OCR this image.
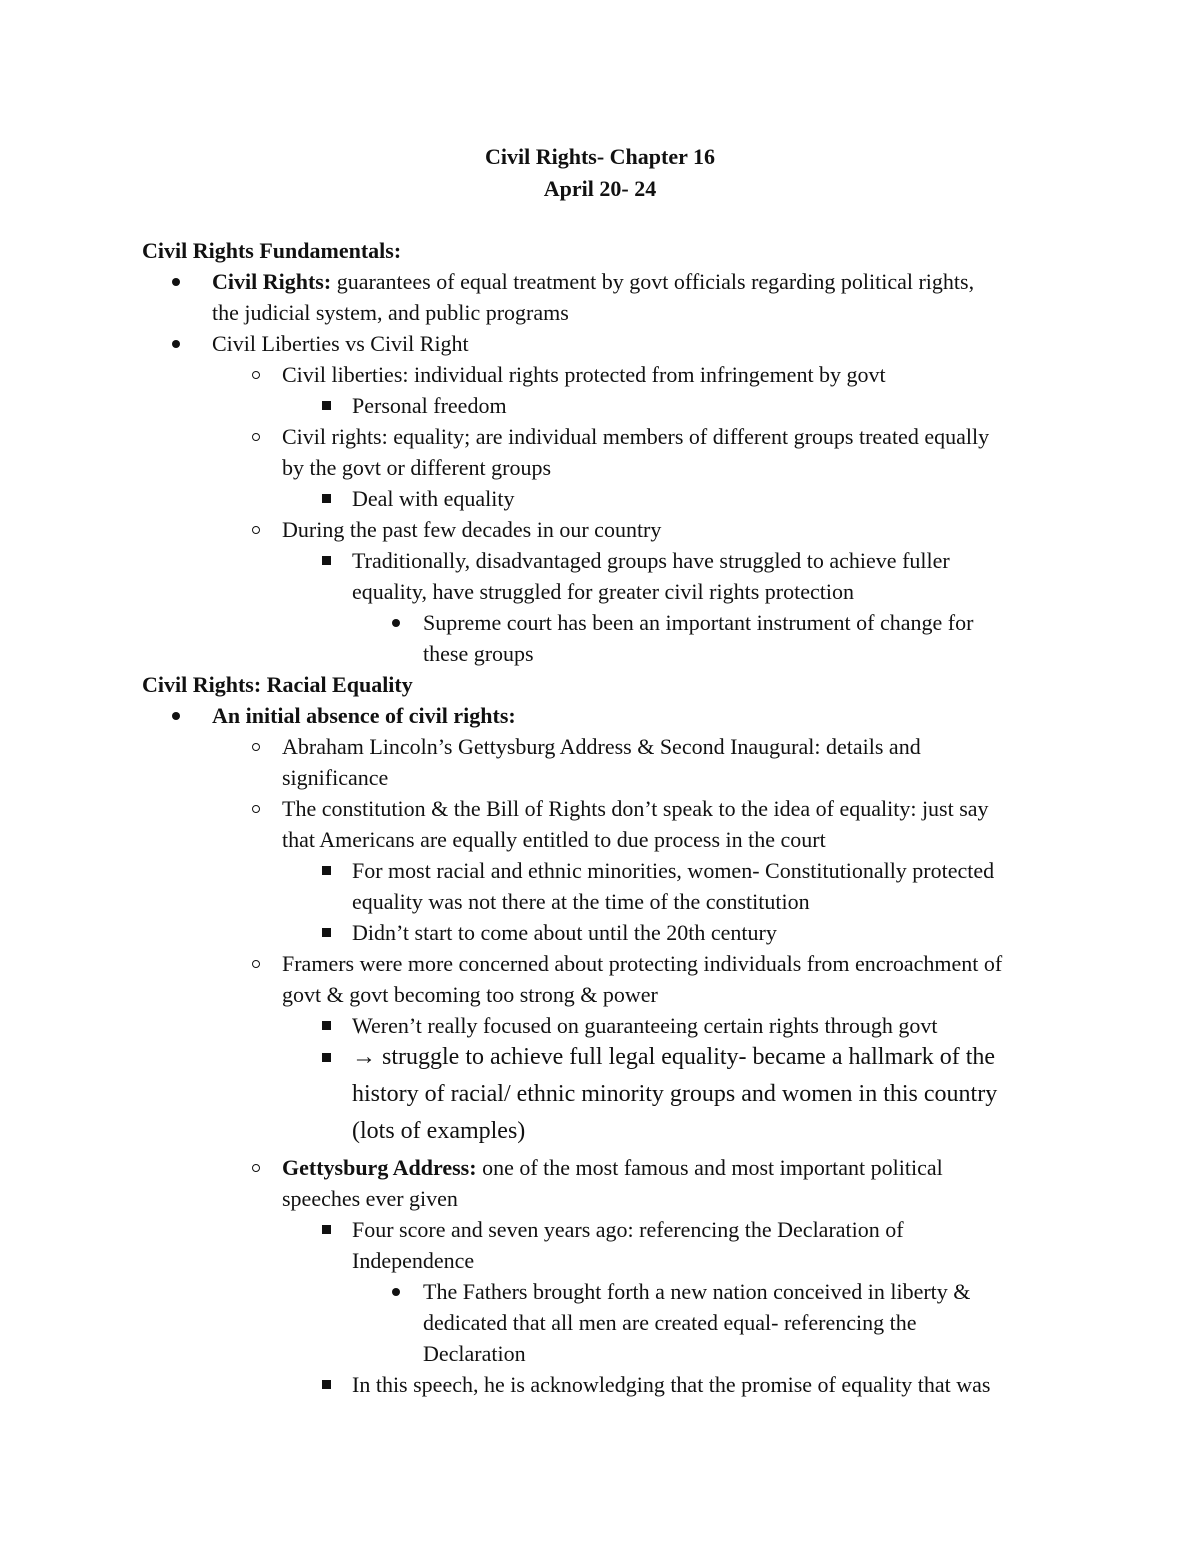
Civil Rights- Chapter 16
April 20- 24
Civil Rights Fundamentals:
Civil Rights: guarantees of equal treatment by govt officials regarding political rights,
the judicial system, and public programs
Civil Liberties vs Civil Right
Civil liberties: individual rights protected from infringement by govt
Personal freedom
Civil rights: equality; are individual members of different groups treated equally
by the govt or different groups
Deal with equality
During the past few decades in our country
Traditionally, disadvantaged groups have struggled to achieve fuller
equality, have struggled for greater civil rights protection
Supreme court has been an important instrument of change for
these groups
Civil Rights: Racial Equality
An initial absence of civil rights:
Abraham Lincoln’s Gettysburg Address & Second Inaugural: details and
significance
The constitution & the Bill of Rights don’t speak to the idea of equality: just say
that Americans are equally entitled to due process in the court
For most racial and ethnic minorities, women- Constitutionally protected
equality was not there at the time of the constitution
Didn’t start to come about until the 20th century
Framers were more concerned about protecting individuals from encroachment of
govt & govt becoming too strong & power
Weren’t really focused on guaranteeing certain rights through govt
→ struggle to achieve full legal equality- became a hallmark of the
history of racial/ ethnic minority groups and women in this country
(lots of examples)
Gettysburg Address: one of the most famous and most important political
speeches ever given
Four score and seven years ago: referencing the Declaration of
Independence
The Fathers brought forth a new nation conceived in liberty &
dedicated that all men are created equal- referencing the
Declaration
In this speech, he is acknowledging that the promise of equality that was
